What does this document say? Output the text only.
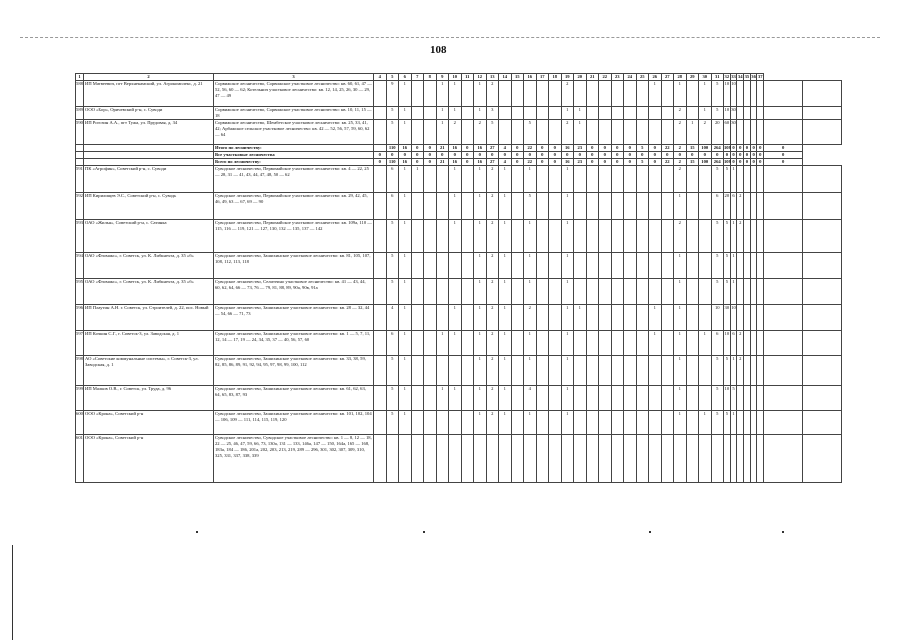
108
1	2	3	4	5	6	7	8	9	10	11	12	13	14	15	16	17	18	19	20	21	22	23	24	25	26	27	28	29	30	31	32	33	34	35	36	37		
588	ИП Матвеевич, пгт Верхнекамский, ул. Агрокомплекс, д. 21	Сорвижское лесничество, Сорвижское участковое лесничество: кв. 60, 61, 47 — 52, 56, 60 — 62; Котельнич участковое лесничество: кв. 12, 14, 25, 26, 30 — 29, 47 — 49		9	1			1	1		1	2						2							1		1		1	5	10	10						
589	ООО «Бор», Оричевский р-н, с. Суводи	Сорвижское лесничество, Сорвижское участковое лесничество: кв. 10, 11, 15 — 18		5	1			1	1		1	3						1	1								2		1	5	10	30						
590	ИП Рогозин А.А., пгт Тужа, ул. Прудовая, д. 34	Сорвижское лесничество, Шембетское участковое лесничество: кв. 25, 33, 41, 42; Арбажское сельское участковое лесничество: кв. 42 — 52, 56, 57, 59, 60, 62 — 64		5	1			1	2		2	5			5			2	1								2	1	2	20	60	30						
		Итого по лесничеству:		110	16	0	0	21	16	0	16	27	4	0	22	0	0	16	23	0	0	0	0	5	0	22	2	15	100	264	108	0	0	0	0	0	0	
		Все участковые лесничества	0	0	0	0	0	0	0	0	0	0	0	0	0	0	0	0	0	0	0	0	0	0	0	0	0	0	0	0	0	0	0	0	0	0	0	
		Всего по лесничеству:	0	110	16	0	0	21	16	0	16	27	4	0	22	0	0	16	23	0	0	0	0	5	0	22	2	15	100	264	108	0	0	0	0	0	0	
591	ПК «Агрофин», Советский р-н, с. Суводи	Суводское лесничество, Первомайское участковое лесничество: кв. 4 — 22, 25 — 28, 31 — 41, 43, 44, 47, 48, 50 — 62		6	1	1			1		1	2	1		1			1									2			5	5	1						
592	ИП Кирилищев Э.С., Советский р-н, с. Суводь	Суводское лесничество, Первомайское участковое лесничество: кв. 29, 42, 45, 46, 49, 63 — 67, 69 — 90		6	1				1		1	2	1		5			1									1			6	20	6	2					
593	ОАО «Жилья», Советский р-н, с. Сатинка	Суводское лесничество, Первомайское участковое лесничество: кв. 109а, 110 — 115, 116 — 119, 121 — 127, 130, 132 — 135, 137 — 142		5	1				1		1	2	1		1			1									2			5	5	1	2					
594	ОАО «Фломакс», г. Советск, ул. К. Либкнехта, д. 35 «б»	Суводское лесничество, Зашихинское участковое лесничество: кв. 81, 105, 107, 108, 112, 113, 118		5	1						1	2	1		1			1									1			5	5	1						
595	ОАО «Фломакс», г. Советск, ул. К. Либкнехта, д. 35 «б»	Суводское лесничество, Селитеино участковое лесничество: кв. 41 — 43, 44, 60, 62, 64, 66 — 73, 76 — 79, 81, 88, 89, 90а, 90в, 91а		5	1						1	2	1		1			1									1			5	5	1						
596	ИП Плаутин А.Н. г. Советск, ул. Строителей, д. 22, пос. Новый	Суводское лесничество, Зашихинское участковое лесничество: кв. 28 — 32, 44 — 54, 66 — 71, 73		4	1				1		1	2	1		2			1	1						1		1			10	30	10						
597	ИП Кочкин С.Г., г. Советск-3, ул. Заводская, д. 1	Суводское лесничество, Зашихинское участковое лесничество: кв. 1 — 5, 7, 11, 12, 14 — 17, 19 — 24, 34, 35, 37 — 40, 56, 57, 60		6	1			1	1		1	2	1		1			1							1		1		1	6	10	6	2					
598	АО «Советские коммунальные системы», г. Советск-3, ул. Заводская, д. 1	Суводское лесничество, Зашихинское участковое лесничество: кв. 33, 38, 59, 82, 85, 86, 89, 91, 92, 94, 95, 97, 98, 99, 100, 112		5	1						1	2	1		1			1									1			5	5	1	2					
599	ИП Малков О.В., г. Советск, ул. Труда, д. 96	Суводское лесничество, Зашихинское участковое лесничество: кв. 61, 62, 63, 64, 65, 83, 87, 93		5	1			1	1		1	2	1		4			1									1			5	10	5						
600	ООО «Крона», Советский р-н	Суводское лесничество, Зашихинское участковое лесничество: кв. 101, 102, 104 — 106, 109 — 111, 114, 115, 119, 120		5	1						1	2	1		1			1									1		1	5	5	1						
601	ООО «Крона», Советский р-н	Суводское лесничество, Суводское участковое лесничество: кв. 1 — 8, 12 — 18, 22 — 25, 46, 47, 59, 66, 73, 130а, 131 — 133, 146а, 147 — 150, 164а, 165 — 168, 183а, 184 — 186, 201а, 202, 203, 213, 219, 289 — 296, 301, 302, 307, 309, 310, 325, 331, 337, 338, 339																																				
